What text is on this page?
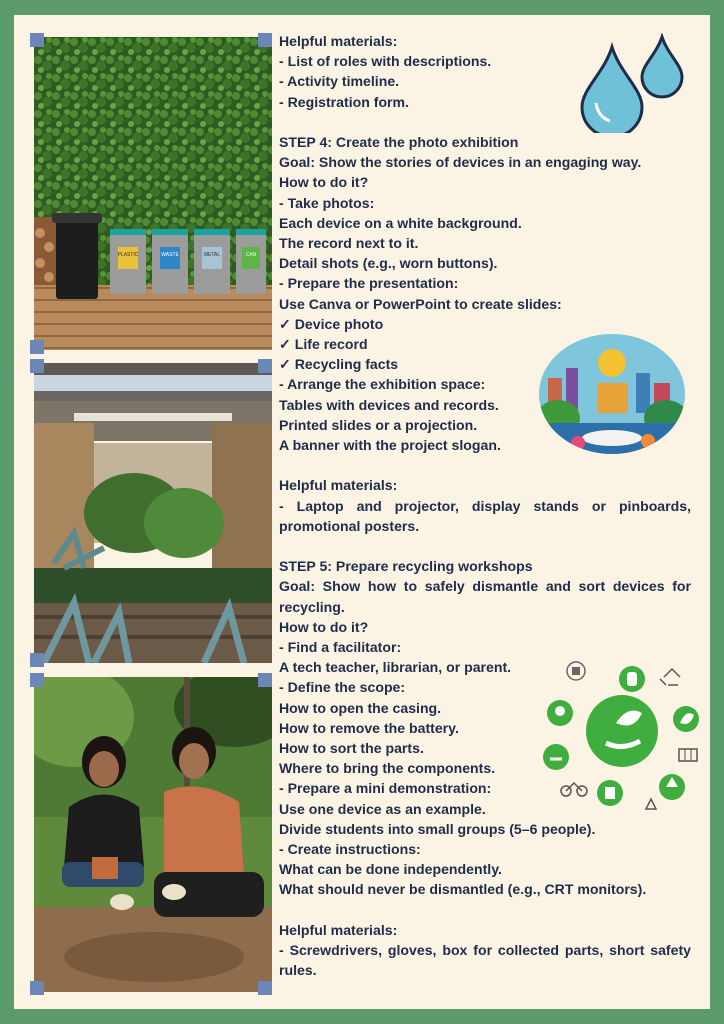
PLASTIC	WASTE	METAL	CAN

Helpful materials:

- List of roles with descriptions.

- Activity timeline.

- Registration form.

STEP 4: Create the photo exhibition

Goal: Show the stories of devices in an engaging way.

How to do it?

- Take photos:

Each device on a white background.

The record next to it.

Detail shots (e.g., worn buttons).

- Prepare the presentation:

Use Canva or PowerPoint to create slides:

✓ Device photo

✓ Life record

✓ Recycling facts

- Arrange the exhibition space:

Tables with devices and records.

Printed slides or a projection.

A banner with the project slogan.

Helpful materials:

- Laptop and projector, display stands or pinboards, promotional posters.

STEP 5: Prepare recycling workshops

Goal: Show how to safely dismantle and sort devices for recycling.

How to do it?

- Find a facilitator:

A tech teacher, librarian, or parent.

- Define the scope:

How to open the casing.

How to remove the battery.

How to sort the parts.

Where to bring the components.

- Prepare a mini demonstration:

Use one device as an example.

Divide students into small groups (5–6 people).

- Create instructions:

What can be done independently.

What should never be dismantled (e.g., CRT monitors).

Helpful materials:

- Screwdrivers, gloves, box for collected parts, short safety rules.
